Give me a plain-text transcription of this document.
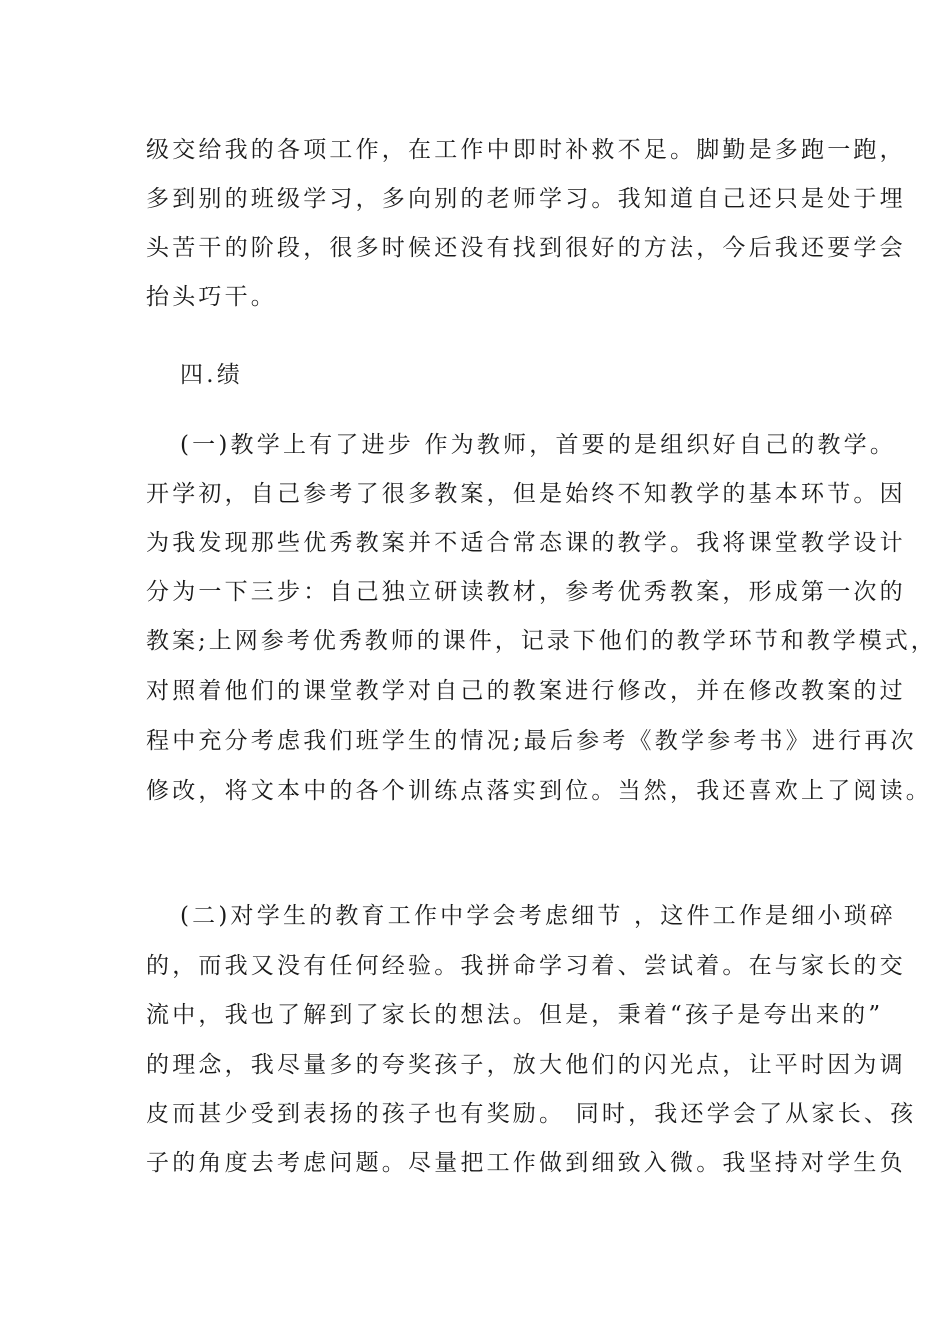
级交给我的各项工作，在工作中即时补救不足。脚勤是多跑一跑，

多到别的班级学习，多向别的老师学习。我知道自己还只是处于埋

头苦干的阶段，很多时候还没有找到很好的方法，今后我还要学会

抬头巧干。

四.绩

(一)教学上有了进步 作为教师，首要的是组织好自己的教学。

开学初，自己参考了很多教案，但是始终不知教学的基本环节。因

为我发现那些优秀教案并不适合常态课的教学。我将课堂教学设计

分为一下三步：自己独立研读教材，参考优秀教案，形成第一次的

教案;上网参考优秀教师的课件，记录下他们的教学环节和教学模式，

对照着他们的课堂教学对自己的教案进行修改，并在修改教案的过

程中充分考虑我们班学生的情况;最后参考《教学参考书》进行再次

修改，将文本中的各个训练点落实到位。当然，我还喜欢上了阅读。

(二)对学生的教育工作中学会考虑细节 ，这件工作是细小琐碎

的，而我又没有任何经验。我拼命学习着、尝试着。在与家长的交

流中，我也了解到了家长的想法。但是，秉着“孩子是夸出来的”

的理念，我尽量多的夸奖孩子，放大他们的闪光点，让平时因为调

皮而甚少受到表扬的孩子也有奖励。 同时，我还学会了从家长、孩

子的角度去考虑问题。尽量把工作做到细致入微。我坚持对学生负
